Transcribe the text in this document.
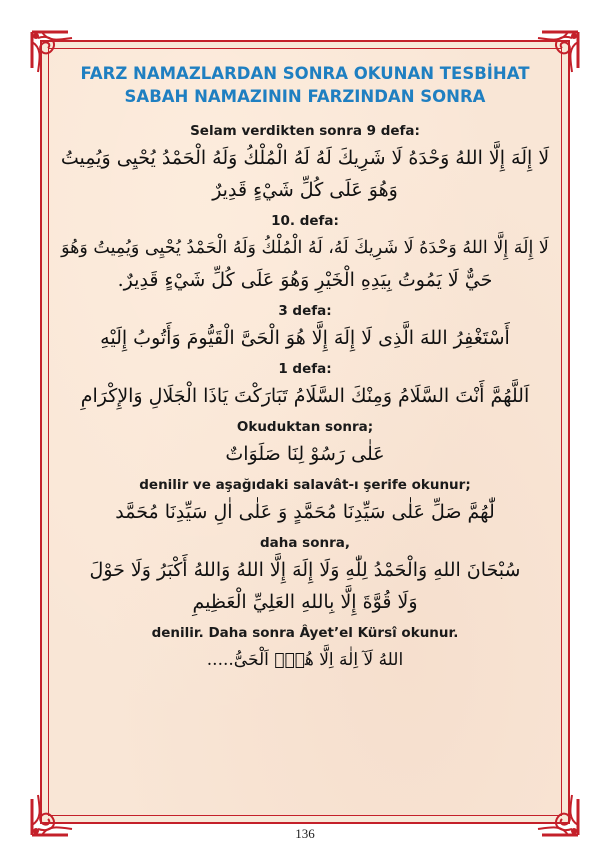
FARZ NAMAZLARDAN SONRA OKUNAN TESBİHAT
SABAH NAMAZININ FARZINDAN SONRA
Selam verdikten sonra 9 defa:
لَا إِلَهَ إِلَّا اللهُ وَحْدَهُ لَا شَرِيكَ لَهُ لَهُ الْمُلْكُ وَلَهُ الْحَمْدُ يُحْيِى وَيُمِيتُ
وَهُوَ عَلَى كُلِّ شَيْءٍ قَدِيرٌ
10. defa:
لَا إِلَهَ إِلَّا اللهُ وَحْدَهُ لَا شَرِيكَ لَهُ، لَهُ الْمُلْكُ وَلَهُ الْحَمْدُ يُحْيِى وَيُمِيتُ وَهُوَ
حَيٌّ لَا يَمُوتُ بِيَدِهِ الْخَيْرِ وَهُوَ عَلَى كُلِّ شَيْءٍ قَدِيرٌ.
3 defa:
أَسْتَغْفِرُ اللهَ الَّذِى لَا إِلَهَ إِلَّا هُوَ الْحَىَّ الْقَيُّومَ وَأَتُوبُ إِلَيْهِ
1 defa:
اَللَّهُمَّ أَنْتَ السَّلَامُ وَمِنْكَ السَّلَامُ تَبَارَكْتَ يَاذَا الْجَلَالِ وَالإِكْرَامِ
Okuduktan sonra;
عَلٰى رَسُوْ لِنَا صَلَوَاتٌ
denilir ve aşağıdaki salavât-ı şerife okunur;
لّٰهُمَّ صَلِّ عَلٰى سَيِّدِنَا مُحَمَّدٍ وَ عَلٰى اٰلِ سَيِّدِنَا مُحَمَّد
daha sonra,
سُبْحَانَ اللهِ وَالْحَمْدُ لِلّٰهِ وَلَا إِلَهَ إِلَّا اللهُ وَاللهُ أَكْبَرُ وَلَا حَوْلَ
وَلَا قُوَّةَ إِلَّا بِاللهِ العَلِيِّ الْعَظِيمِ
denilir. Daha sonra Âyet’el Kürsî okunur.
اللهُ لَآ اِلٰهَ اِلَّا هُوَۚ اَلْحَىُّ.....
136
